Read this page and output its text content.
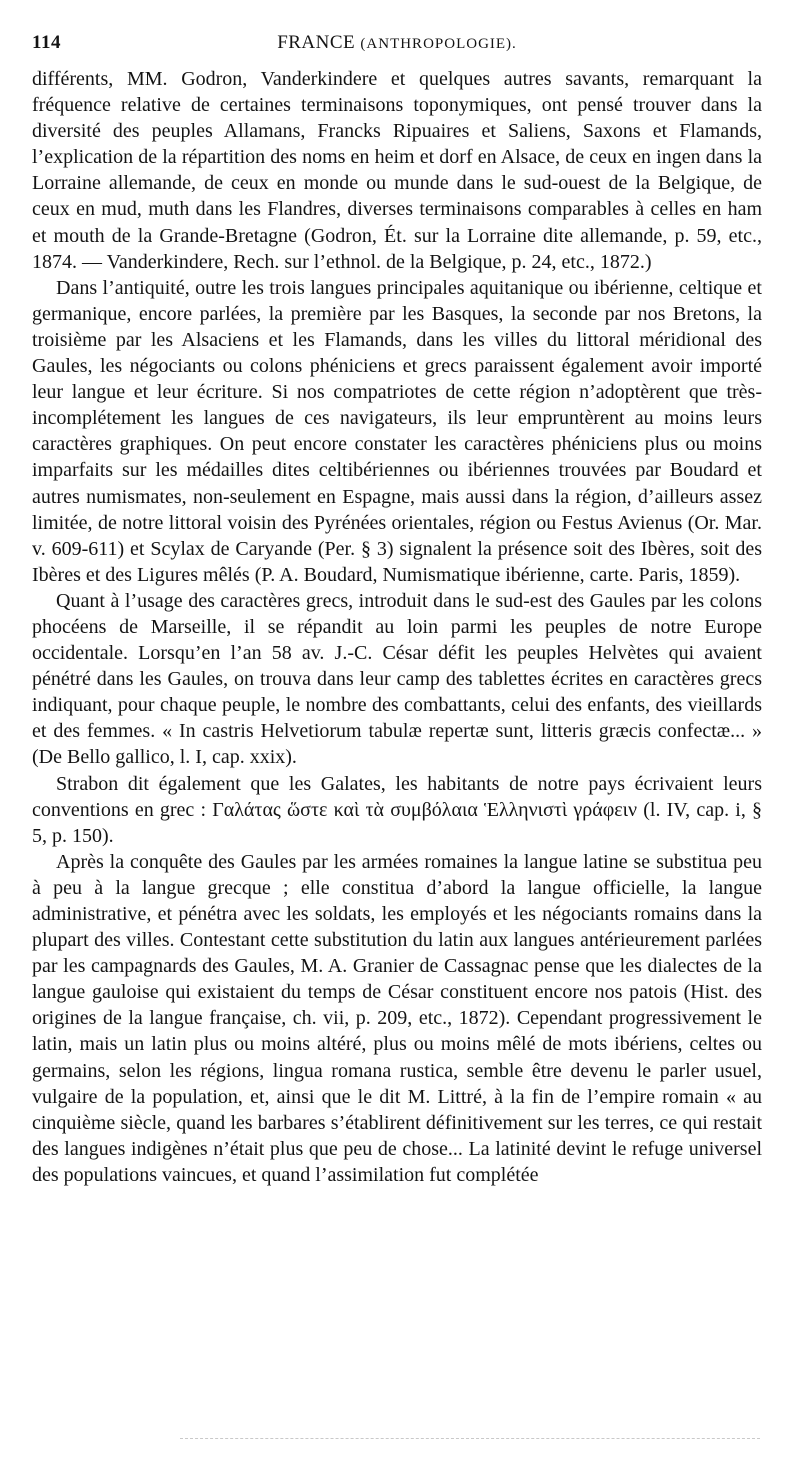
114	FRANCE (ANTHROPOLOGIE).

différents, MM. Godron, Vanderkindere et quelques autres savants, remarquant la fréquence relative de certaines terminaisons toponymiques, ont pensé trouver dans la diversité des peuples Allamans, Francks Ripuaires et Saliens, Saxons et Flamands, l’explication de la répartition des noms en heim et dorf en Alsace, de ceux en ingen dans la Lorraine allemande, de ceux en monde ou munde dans le sud-ouest de la Belgique, de ceux en mud, muth dans les Flandres, diverses terminaisons comparables à celles en ham et mouth de la Grande-Bretagne (Godron, Ét. sur la Lorraine dite allemande, p. 59, etc., 1874. — Vanderkindere, Rech. sur l’ethnol. de la Belgique, p. 24, etc., 1872.)

Dans l’antiquité, outre les trois langues principales aquitanique ou ibérienne, celtique et germanique, encore parlées, la première par les Basques, la seconde par nos Bretons, la troisième par les Alsaciens et les Flamands, dans les villes du littoral méridional des Gaules, les négociants ou colons phéniciens et grecs paraissent également avoir importé leur langue et leur écriture. Si nos compatriotes de cette région n’adoptèrent que très-incomplétement les langues de ces navigateurs, ils leur empruntèrent au moins leurs caractères graphiques. On peut encore constater les caractères phéniciens plus ou moins imparfaits sur les médailles dites celtibériennes ou ibériennes trouvées par Boudard et autres numismates, non-seulement en Espagne, mais aussi dans la région, d’ailleurs assez limitée, de notre littoral voisin des Pyrénées orientales, région ou Festus Avienus (Or. Mar. v. 609-611) et Scylax de Caryande (Per. § 3) signalent la présence soit des Ibères, soit des Ibères et des Ligures mêlés (P. A. Boudard, Numismatique ibérienne, carte. Paris, 1859).

Quant à l’usage des caractères grecs, introduit dans le sud-est des Gaules par les colons phocéens de Marseille, il se répandit au loin parmi les peuples de notre Europe occidentale. Lorsqu’en l’an 58 av. J.-C. César défit les peuples Helvètes qui avaient pénétré dans les Gaules, on trouva dans leur camp des tablettes écrites en caractères grecs indiquant, pour chaque peuple, le nombre des combattants, celui des enfants, des vieillards et des femmes. « In castris Helvetiorum tabulæ repertæ sunt, litteris græcis confectæ... » (De Bello gallico, l. I, cap. xxix).

Strabon dit également que les Galates, les habitants de notre pays écrivaient leurs conventions en grec : Γαλάτας ὥστε καὶ τὰ συμβόλαια Ἑλληνιστὶ γράφειν (l. IV, cap. i, § 5, p. 150).

Après la conquête des Gaules par les armées romaines la langue latine se substitua peu à peu à la langue grecque ; elle constitua d’abord la langue officielle, la langue administrative, et pénétra avec les soldats, les employés et les négociants romains dans la plupart des villes. Contestant cette substitution du latin aux langues antérieurement parlées par les campagnards des Gaules, M. A. Granier de Cassagnac pense que les dialectes de la langue gauloise qui existaient du temps de César constituent encore nos patois (Hist. des origines de la langue française, ch. vii, p. 209, etc., 1872). Cependant progressivement le latin, mais un latin plus ou moins altéré, plus ou moins mêlé de mots ibériens, celtes ou germains, selon les régions, lingua romana rustica, semble être devenu le parler usuel, vulgaire de la population, et, ainsi que le dit M. Littré, à la fin de l’empire romain « au cinquième siècle, quand les barbares s’établirent définitivement sur les terres, ce qui restait des langues indigènes n’était plus que peu de chose... La latinité devint le refuge universel des populations vaincues, et quand l’assimilation fut complétée
